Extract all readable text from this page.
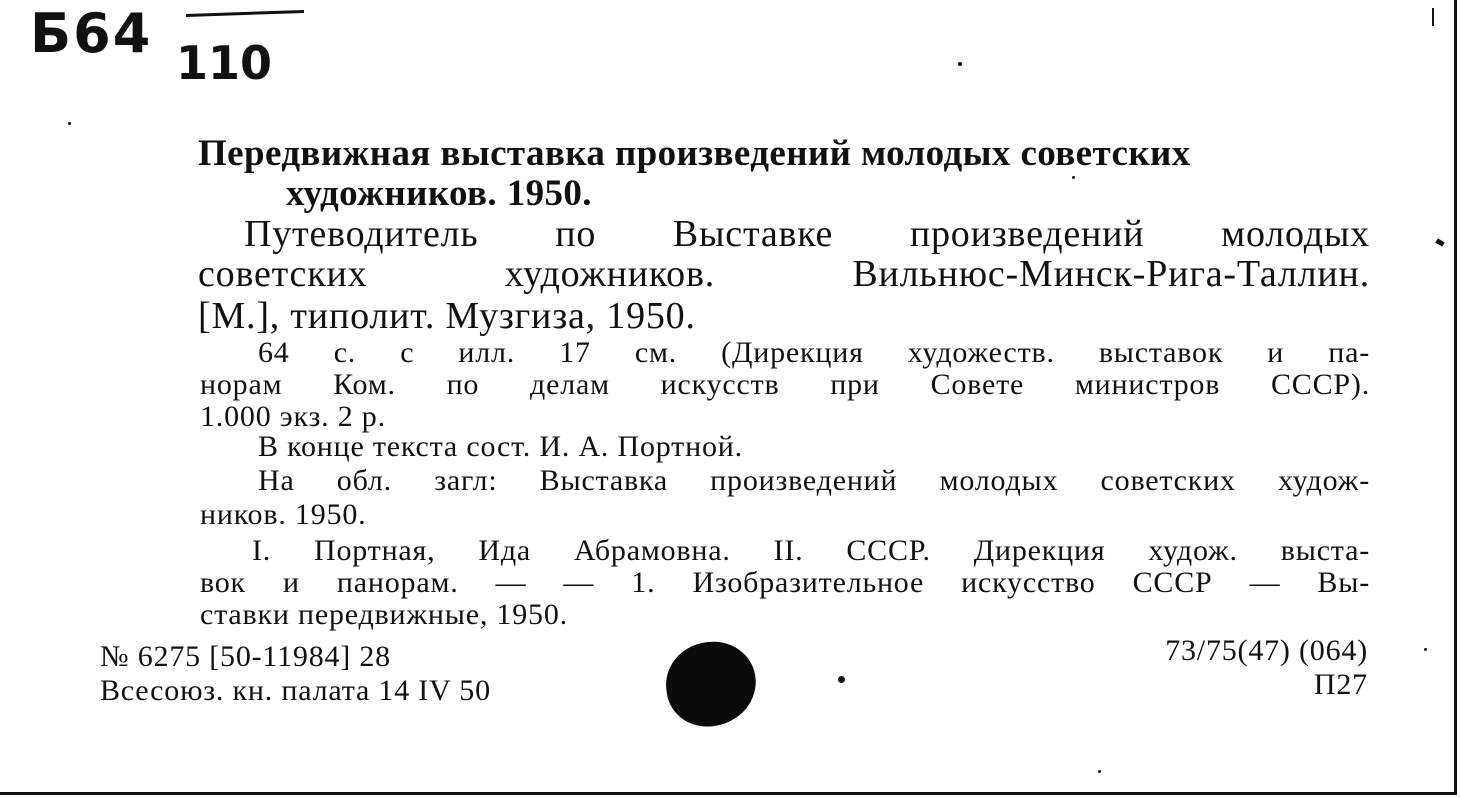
Б64 110
Передвижная выставка произведений молодых советских
художников. 1950.
Путеводитель по Выставке произведений молодых
советских художников. Вильнюс-Минск-Рига-Таллин.
[М.], типолит. Музгиза, 1950.
64 с. с илл. 17 см. (Дирекция художеств. выставок и па-
норам Ком. по делам искусств при Совете министров СССР).
1.000 экз. 2 р.
В конце текста сост. И. А. Портной.
На обл. загл: Выставка произведений молодых советских худож-
ников. 1950.
I. Портная, Ида Абрамовна. II. СССР. Дирекция худож. выста-
вок и панорам. — — 1. Изобразительное искусство СССР — Вы-
ставки передвижные, 1950.
№ 6275 [50-11984] 28
Всесоюз. кн. палата 14 IV 50
73/75(47) (064)
П27
